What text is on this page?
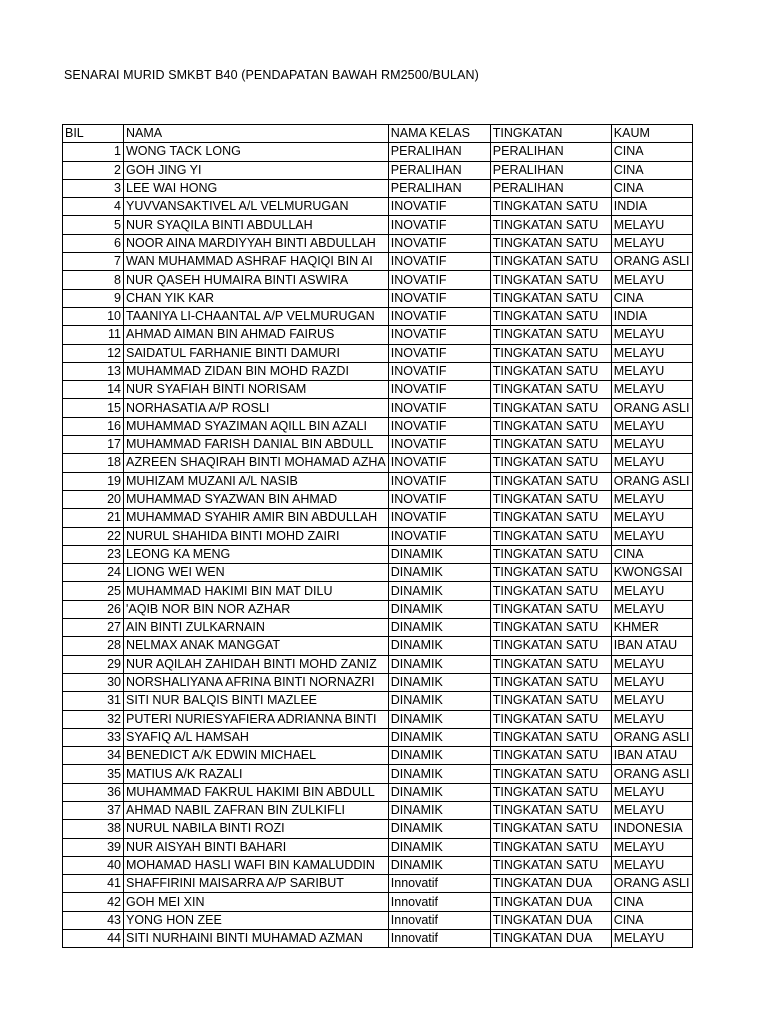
SENARAI MURID SMKBT B40 (PENDAPATAN BAWAH RM2500/BULAN)
BIL	NAMA	NAMA KELAS	TINGKATAN	KAUM
1	WONG TACK LONG	PERALIHAN	PERALIHAN	CINA
2	GOH JING YI	PERALIHAN	PERALIHAN	CINA
3	LEE WAI HONG	PERALIHAN	PERALIHAN	CINA
4	YUVVANSAKTIVEL A/L VELMURUGAN	INOVATIF	TINGKATAN SATU	INDIA
5	NUR SYAQILA BINTI ABDULLAH	INOVATIF	TINGKATAN SATU	MELAYU
6	NOOR AINA MARDIYYAH BINTI ABDULLAH	INOVATIF	TINGKATAN SATU	MELAYU
7	WAN MUHAMMAD ASHRAF HAQIQI BIN AI	INOVATIF	TINGKATAN SATU	ORANG ASLI
8	NUR QASEH HUMAIRA BINTI ASWIRA	INOVATIF	TINGKATAN SATU	MELAYU
9	CHAN YIK KAR	INOVATIF	TINGKATAN SATU	CINA
10	TAANIYA LI-CHAANTAL A/P VELMURUGAN	INOVATIF	TINGKATAN SATU	INDIA
11	AHMAD AIMAN BIN AHMAD FAIRUS	INOVATIF	TINGKATAN SATU	MELAYU
12	SAIDATUL FARHANIE BINTI DAMURI	INOVATIF	TINGKATAN SATU	MELAYU
13	MUHAMMAD ZIDAN BIN MOHD RAZDI	INOVATIF	TINGKATAN SATU	MELAYU
14	NUR SYAFIAH BINTI NORISAM	INOVATIF	TINGKATAN SATU	MELAYU
15	NORHASATIA A/P ROSLI	INOVATIF	TINGKATAN SATU	ORANG ASLI
16	MUHAMMAD SYAZIMAN AQILL BIN AZALI	INOVATIF	TINGKATAN SATU	MELAYU
17	MUHAMMAD FARISH DANIAL BIN ABDULL	INOVATIF	TINGKATAN SATU	MELAYU
18	AZREEN SHAQIRAH BINTI MOHAMAD AZHA	INOVATIF	TINGKATAN SATU	MELAYU
19	MUHIZAM MUZANI A/L NASIB	INOVATIF	TINGKATAN SATU	ORANG ASLI
20	MUHAMMAD SYAZWAN BIN AHMAD	INOVATIF	TINGKATAN SATU	MELAYU
21	MUHAMMAD SYAHIR AMIR BIN ABDULLAH	INOVATIF	TINGKATAN SATU	MELAYU
22	NURUL SHAHIDA BINTI MOHD ZAIRI	INOVATIF	TINGKATAN SATU	MELAYU
23	LEONG KA MENG	DINAMIK	TINGKATAN SATU	CINA
24	LIONG WEI WEN	DINAMIK	TINGKATAN SATU	KWONGSAI
25	MUHAMMAD HAKIMI BIN MAT DILU	DINAMIK	TINGKATAN SATU	MELAYU
26	'AQIB NOR BIN NOR AZHAR	DINAMIK	TINGKATAN SATU	MELAYU
27	AIN BINTI ZULKARNAIN	DINAMIK	TINGKATAN SATU	KHMER
28	NELMAX ANAK MANGGAT	DINAMIK	TINGKATAN SATU	IBAN ATAU
29	NUR AQILAH ZAHIDAH BINTI MOHD ZANIZ	DINAMIK	TINGKATAN SATU	MELAYU
30	NORSHALIYANA AFRINA BINTI NORNAZRI	DINAMIK	TINGKATAN SATU	MELAYU
31	SITI NUR BALQIS BINTI MAZLEE	DINAMIK	TINGKATAN SATU	MELAYU
32	PUTERI NURIESYAFIERA ADRIANNA BINTI	DINAMIK	TINGKATAN SATU	MELAYU
33	SYAFIQ A/L HAMSAH	DINAMIK	TINGKATAN SATU	ORANG ASLI
34	BENEDICT A/K EDWIN MICHAEL	DINAMIK	TINGKATAN SATU	IBAN ATAU
35	MATIUS A/K RAZALI	DINAMIK	TINGKATAN SATU	ORANG ASLI
36	MUHAMMAD FAKRUL HAKIMI BIN ABDULL	DINAMIK	TINGKATAN SATU	MELAYU
37	AHMAD NABIL ZAFRAN BIN ZULKIFLI	DINAMIK	TINGKATAN SATU	MELAYU
38	NURUL NABILA BINTI ROZI	DINAMIK	TINGKATAN SATU	INDONESIA
39	NUR AISYAH BINTI BAHARI	DINAMIK	TINGKATAN SATU	MELAYU
40	MOHAMAD HASLI WAFI BIN KAMALUDDIN	DINAMIK	TINGKATAN SATU	MELAYU
41	SHAFFIRINI MAISARRA A/P SARIBUT	Innovatif	TINGKATAN DUA	ORANG ASLI
42	GOH MEI XIN	Innovatif	TINGKATAN DUA	CINA
43	YONG HON ZEE	Innovatif	TINGKATAN DUA	CINA
44	SITI NURHAINI BINTI MUHAMAD AZMAN	Innovatif	TINGKATAN DUA	MELAYU
